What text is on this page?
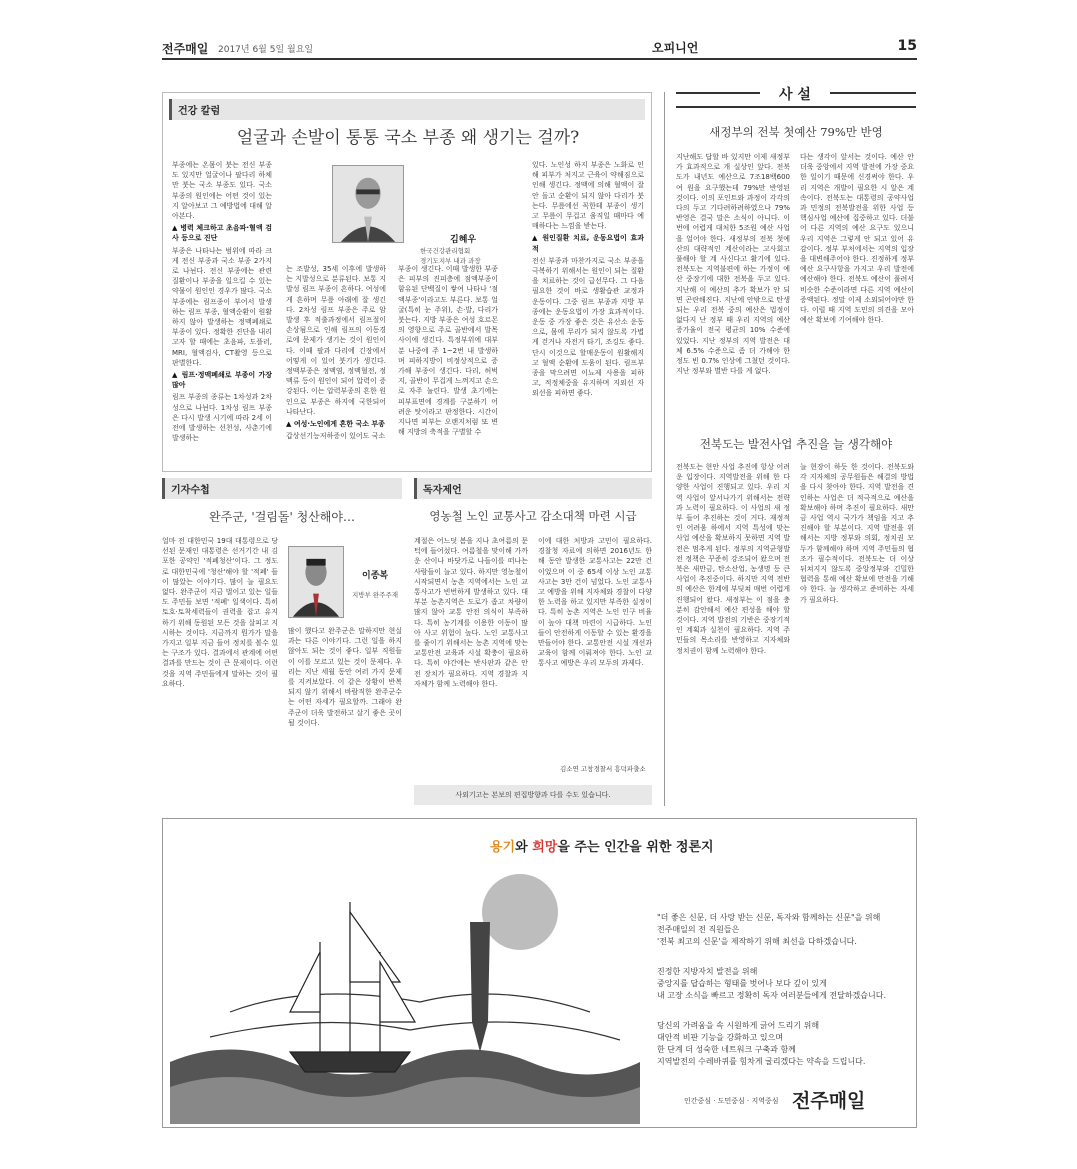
전주매일 2017년 6월 5일 월요일	오피니언	15
건강 칼럼
얼굴과 손발이 통통 국소 부종 왜 생기는 걸까?

부종에는 온몸이 붓는 전신 부종도 있지만 얼굴이나 팔다리 하체만 붓는 국소 부종도 있다. 국소 부종의 원인에는 어떤 것이 있는지 알아보고 그 예방법에 대해 알아본다.

▲ 병력 체크하고 초음파·혈액 검사 등으로 진단

부종은 나타나는 범위에 따라 크게 전신 부종과 국소 부종 2가지로 나뉜다. 전신 부종에는 관련 질환이나 부종을 일으킬 수 있는 약물이 원인인 경우가 많다. 국소 부종에는 림프종이 부어서 발생하는 림프 부종, 혈액순환이 원활하지 않아 발생하는 정맥폐쇄로 부종이 있다. 정확한 진단을 내리고자 할 때에는 초음파, 도플러, MRI, 혈액검사, CT촬영 등으로 판별한다.

▲ 림프·정맥폐쇄로 부종이 가장 많아

림프 부종의 종류는 1차성과 2차성으로 나뉜다. 1차성 림프 부종은 다시 발생 시기에 따라 2세 이전에 발생하는 선천성, 사춘기에 발생하는

김혜우
한국건강관리협회
경기도지부 내과 과장

는 조발성, 35세 이후에 발생하는 지발성으로 분류된다. 보통 지발성 림프 부종이 흔하다. 여성에게 흔하며 무릎 아래에 잘 생긴다. 2차성 림프 부종은 주로 암 발생 후 적출과정에서 림프절이 손상됨으로 인해 림프의 이동경로에 문제가 생기는 것이 원인이다. 이때 팔과 다리에 긴장에서 어떻게 이 있어 붓기가 생긴다. 정맥부종은 정맥염, 정맥혈전, 정맥류 등이 원인이 되어 압력이 증강된다. 이는 압력부종의 흔한 원인으로 부종은 하지에 국한되어 나타난다.

▲ 여성·노인에게 흔한 국소 부종

갑상선기능저하증이 있어도 국소

부종이 생긴다. 이때 발생한 부종은 피부의 진피층에 점액부종이 함유된 단백질이 쌓여 나타나 '점액부종'이라고도 부른다. 보통 얼굴(특히 눈 주위), 손·발, 다리가 붓는다. 지방 부종은 여성 호르몬의 영향으로 주로 골반에서 발목 사이에 생긴다. 특정부위에 대부분 나중에 주 1~2번 내 발생하며 피하지방이 비정상적으로 증가해 부종이 생긴다. 다리, 허벅지, 골반이 무겁게 느껴지고 손으로 자주 눌린다. 발생 초기에는 피부표면에 경계를 구분하기 어려운 탓이라고 판정한다. 시간이 지나면 피부는 오랜지처럼 또 변해 지방의 축적을 구별할 수

있다. 노인성 하지 부종은 노화로 인해 피부가 처지고 근육이 약해짐으로 인해 생긴다. 정맥에 의해 혈액이 잘 안 돌고 순환이 되지 않아 다리가 붓는다. 무릎에선 꼭한테 부종이 생기고 무릎이 무겁고 움직일 때마다 예매하다는 느낌을 받는다.

▲ 원인질환 치료, 운동요법이 효과적

전신 부종과 마찬가지로 국소 부종을 극복하기 위해서는 원인이 되는 질환을 치료하는 것이 급선무다. 그 다음 필요한 것이 바로 생활습관 교정과 운동이다. 그중 림프 부종과 지방 부종에는 운동요법이 가장 효과적이다. 운동 중 가장 좋은 것은 유산소 운동으로, 몸에 무리가 되지 않도록 가볍게 걷거나 자전거 타기, 조깅도 좋다. 단시 이것으로 할매운동이 원활해지고 혈액 순환에 도움이 된다. 림프부종을 막으려면 이뇨제 사용을 피하고, 적정체중을 유지하며 지외선 자외선을 피하면 좋다.

사 설
새정부의 전북 첫예산 79%만 반영

지난해도 답할 바 있지만 이제 새정부가 효과적으로 개 실상인 앞다. 전북도가 내년도 예산으로 7조18백600여 원을 요구했는데 79%만 반영된 것이다. 이의 포인트와 과정이 각각의 다의 두고 기다려하려하였으나 79% 반영은 결국 말은 소식이 아니다. 이번에 어렵게 대처한 5조원 예산 사업을 얼어야 한다. 새정부의 전북 첫예산의 대략적인 계산이라는 고사회고 풀해야 할 계 사신다고 활기에 있다. 전북도는 지역불편에 하는 가정이 예산 중장기에 대한 전북을 두고 있다. 지난해 이 예산의 추가 확보가 안 되면 곤란해진다. 지난에 안밖으로 탄생되는 우리 전북 중의 예산은 법정이 없다지 난 정부 때 우리 지역의 예산 증가율이 전국 평균의 10% 수준에 있었다. 지난 정부의 지역 발전은 대체 6.5% 수준으로 좀 더 가해야 한 정도 빈 0.7% 인상에 그쳤던 것이다. 지난 정부와 별반 다를 게 없다.

다는 생각이 앞서는 것이다. 예산 안 더욱 중앙에서 지역 발전에 가장 중요한 일이기 때문에 신경써야 한다. 우리 지역은 개발이 필요한 시 앞은 계속이다. 전북도는 대통령의 공약사업과 민정의 전북발전을 위한 사업 등 핵심사업 예산에 집중하고 있다. 더불어 다른 지역의 예산 요구도 있으니 우리 지역은 그렇게 안 되고 있어 유감이다. 정부 부처에서는 지역의 입장을 대변해주어야 한다. 진정하게 정부 예산 요구사항을 가지고 우리 발전에 예산해야 한다. 전북도 예산이 풀려서 비슷한 수준이라면 다른 지역 예산이 증액된다. 정말 이제 소외되어야만 한다. 이럴 때 지역 도민의 의견을 모아 예산 확보에 기여해야 한다.

전북도는 발전사업 추진을 늘 생각해야

전북도는 현안 사업 추진에 항상 어려운 입장이다. 지역발전을 위해 한 다양한 사업이 진행되고 있다. 우리 지역 사업이 앞서나가기 위해서는 전략과 노력이 필요하다. 이 사업의 새 정부 들어 추진하는 것이 거다. 재정적인 어려움 하에서 지역 특성에 맞는 사업 예산을 확보하지 못하면 지역 발전은 멈추게 된다. 정부의 지역균형발전 정책은 꾸준히 강조되어 왔으며 전북은 새만금, 탄소산업, 농생명 등 큰 사업이 추진중이다. 하지만 지역 전반의 예산은 한계에 부딪쳐 매번 어렵게 진행되어 왔다. 새정부는 이 점을 충분히 감안해서 예산 편성을 해야 할 것이다. 지역 발전의 기반은 중장기적인 계획과 실천이 필요하다. 지역 주민들의 목소리를 반영하고 지자체와 정치권이 함께 노력해야 한다.

늘 현장이 하듯 한 것이다. 전북도와 각 지자체의 공무원들은 해결의 방법을 다시 찾아야 한다. 지역 발전을 견인하는 사업은 더 적극적으로 예산을 확보해야 하며 추진이 필요하다. 새만금 사업 역시 국가가 책임을 지고 추진해야 할 부분이다. 지역 발전을 위해서는 지방 정부와 의회, 정치권 모두가 함께해야 하며 지역 주민들의 협조가 필수적이다. 전북도는 더 이상 뒤쳐지지 않도록 중앙정부와 긴밀한 협력을 통해 예산 확보에 만전을 기해야 한다. 늘 생각하고 준비하는 자세가 필요하다.

기자수첩
완주군, '걸림돌' 청산해야…

얼마 전 대한민국 19대 대통령으로 당선된 문재인 대통령은 선거기간 내 김포한 공약인 '적폐청산'이다. 그 정도로 대한민국에 '청산'해야 할 '적폐' 들이 많았는 이야기다. 많이 늘 필요도 없다. 완주군이 지금 벌이고 있는 일들도 주민들 보면 '적폐' 일색이다. 특히 토호·토착세력들이 권력을 잡고 유지하기 위해 동원된 모든 것을 살피고 지시하는 것이다. 지금까지 뭔가가 말을 가지고 일부 지금 들어 정치를 볼수 있는 구조가 있다. 결과에서 관계에 어떤 결과를 만드는 것이 큰 문제이다. 이런 것을 지역 주민들에게 말하는 것이 필요하다.

이종복
지방부 완주주재

많이 했다고 완주군은 말하지만 현실과는 다른 이야기다. 그런 일을 하지 않아도 되는 것이 좋다. 일부 직원들이 이를 모르고 있는 것이 문제다. 우리는 지난 세월 동안 여러 가지 문제를 지켜보았다. 이 같은 상황이 반복되지 않기 위해서 바람직한 완주군수는 어떤 자세가 필요할까. 그래야 완주군이 더욱 발전하고 살기 좋은 곳이 될 것이다.

독자제언
영농철 노인 교통사고 감소대책 마련 시급

계절은 어느덧 봄을 지나 초여름의 문턱에 들어섰다. 여름철을 맞이해 가까운 산이나 바닷가로 나들이를 떠나는 사람들이 늘고 있다. 하지만 영농철이 시작되면서 농촌 지역에서는 노인 교통사고가 빈번하게 발생하고 있다. 대부분 농촌지역은 도로가 좁고 차량이 많지 않아 교통 안전 의식이 부족하다. 특히 농기계를 이용한 이동이 많아 사고 위험이 높다. 노인 교통사고를 줄이기 위해서는 농촌 지역에 맞는 교통안전 교육과 시설 확충이 필요하다. 특히 야간에는 반사판과 같은 안전 장치가 필요하다. 지역 경찰과 지자체가 함께 노력해야 한다.

이에 대한 처방과 고민이 필요하다. 경찰청 자료에 의하면 2016년도 한 해 동안 발생한 교통사고는 22만 건이었으며 이 중 65세 이상 노인 교통사고는 3만 건이 넘었다. 노인 교통사고 예방을 위해 지자체와 경찰이 다양한 노력을 하고 있지만 부족한 실정이다. 특히 농촌 지역은 노인 인구 비율이 높아 대책 마련이 시급하다. 노인들이 안전하게 이동할 수 있는 환경을 만들어야 한다. 교통안전 시설 개선과 교육이 함께 이뤄져야 한다. 노인 교통사고 예방은 우리 모두의 과제다.

김소연 고창경찰서 흥덕파출소
사외기고는 본보의 편집방향과 다를 수도 있습니다.
용기와 희망을 주는 인간을 위한 정론지
"더 좋은 신문, 더 사랑 받는 신문, 독자와 함께하는 신문"을 위해
전주매일의 전 직원들은
'전북 최고의 신문'을 제작하기 위해 최선을 다하겠습니다.
진정한 지방자치 발전을 위해
중앙지를 답습하는 형태를 벗어나 보다 깊이 있게
내 고장 소식을 빠르고 정확히 독자 여러분들에게 전달하겠습니다.
당신의 가려움을 속 시원하게 긁어 드리기 위해
대안적 비판 기능을 강화하고 있으며
한 단계 더 성숙한 네트워크 구축과 함께
지역발전의 수레바퀴를 힘차게 굴리겠다는 약속을 드립니다.
인간중심 · 도민중심 · 지역중심 전주매일
